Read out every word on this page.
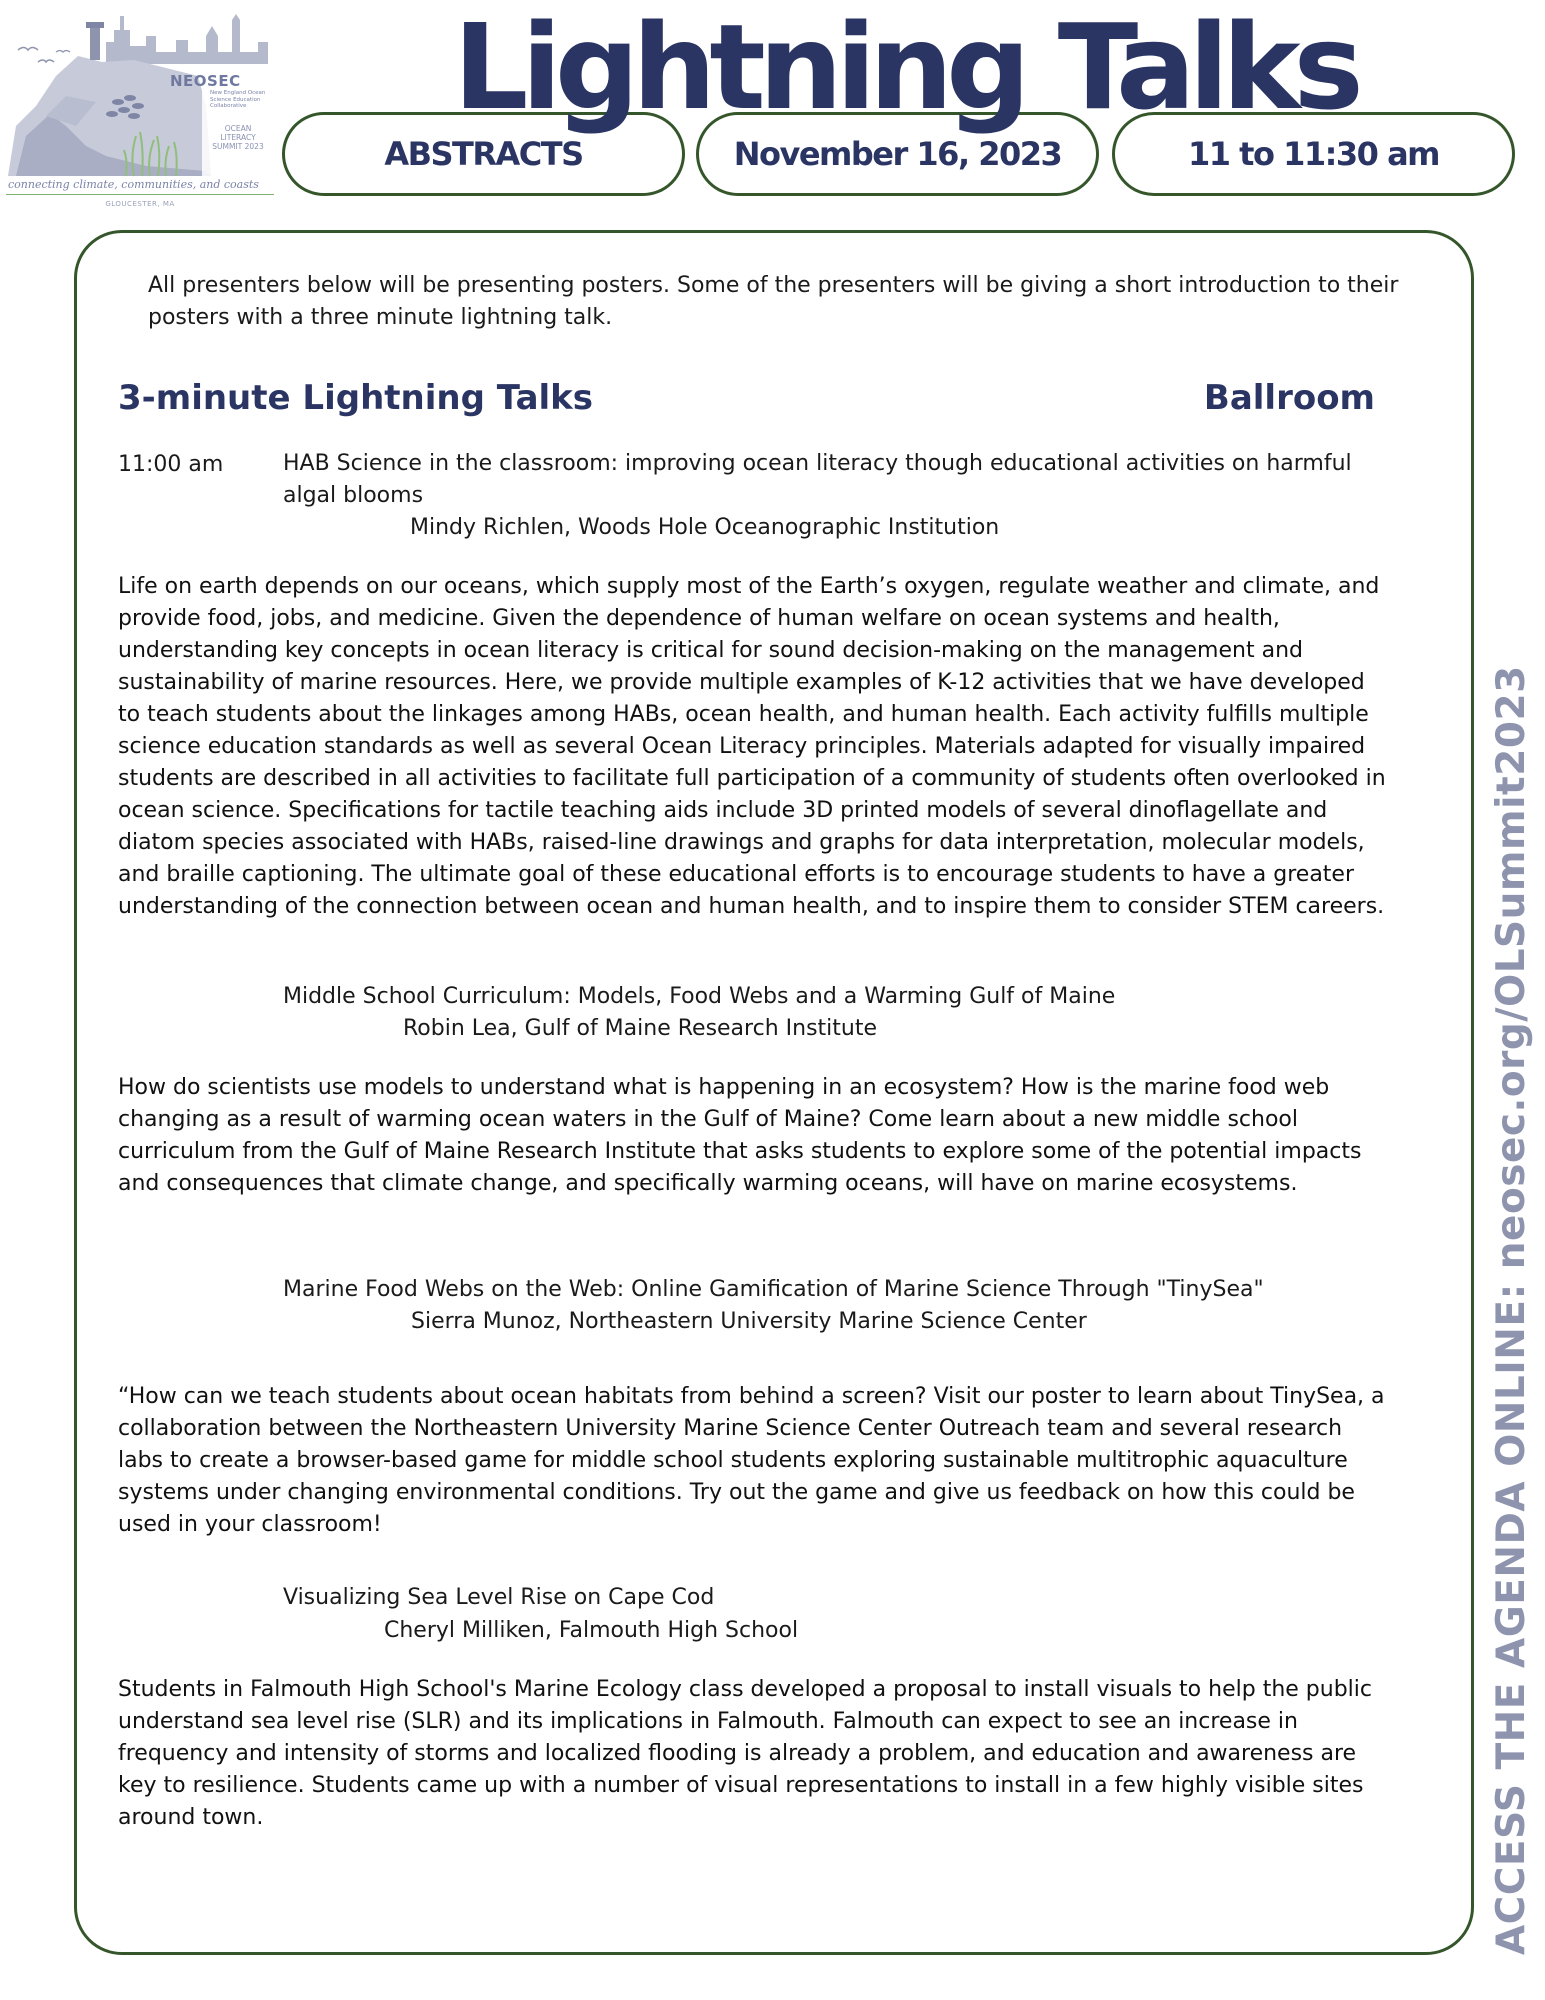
NEOSEC
New England Ocean Science Education Collaborative
OCEAN LITERACY SUMMIT 2023
connecting climate, communities, and coasts
GLOUCESTER, MA
Lightning Talks
ABSTRACTS	November 16, 2023	11 to 11:30 am
All presenters below will be presenting posters. Some of the presenters will be giving a short introduction to their posters with a three minute lightning talk.
3-minute Lightning Talks	Ballroom
11:00 am	HAB Science in the classroom: improving ocean literacy though educational activities on harmful algal blooms
Mindy Richlen, Woods Hole Oceanographic Institution
Life on earth depends on our oceans, which supply most of the Earth’s oxygen, regulate weather and climate, and provide food, jobs, and medicine. Given the dependence of human welfare on ocean systems and health, understanding key concepts in ocean literacy is critical for sound decision-making on the management and sustainability of marine resources. Here, we provide multiple examples of K-12 activities that we have developed to teach students about the linkages among HABs, ocean health, and human health. Each activity fulfills multiple science education standards as well as several Ocean Literacy principles. Materials adapted for visually impaired students are described in all activities to facilitate full participation of a community of students often overlooked in ocean science. Specifications for tactile teaching aids include 3D printed models of several dinoflagellate and diatom species associated with HABs, raised-line drawings and graphs for data interpretation, molecular models, and braille captioning. The ultimate goal of these educational efforts is to encourage students to have a greater understanding of the connection between ocean and human health, and to inspire them to consider STEM careers.
Middle School Curriculum: Models, Food Webs and a Warming Gulf of Maine
Robin Lea, Gulf of Maine Research Institute
How do scientists use models to understand what is happening in an ecosystem? How is the marine food web changing as a result of warming ocean waters in the Gulf of Maine? Come learn about a new middle school curriculum from the Gulf of Maine Research Institute that asks students to explore some of the potential impacts and consequences that climate change, and specifically warming oceans, will have on marine ecosystems.
Marine Food Webs on the Web: Online Gamification of Marine Science Through "TinySea"
Sierra Munoz, Northeastern University Marine Science Center
“How can we teach students about ocean habitats from behind a screen? Visit our poster to learn about TinySea, a collaboration between the Northeastern University Marine Science Center Outreach team and several research labs to create a browser-based game for middle school students exploring sustainable multitrophic aquaculture systems under changing environmental conditions. Try out the game and give us feedback on how this could be used in your classroom!
Visualizing Sea Level Rise on Cape Cod
Cheryl Milliken, Falmouth High School
Students in Falmouth High School's Marine Ecology class developed a proposal to install visuals to help the public understand sea level rise (SLR) and its implications in Falmouth. Falmouth can expect to see an increase in frequency and intensity of storms and localized flooding is already a problem, and education and awareness are key to resilience. Students came up with a number of visual representations to install in a few highly visible sites around town.	ACCESS THE AGENDA ONLINE: neosec.org/OLSummit2023
